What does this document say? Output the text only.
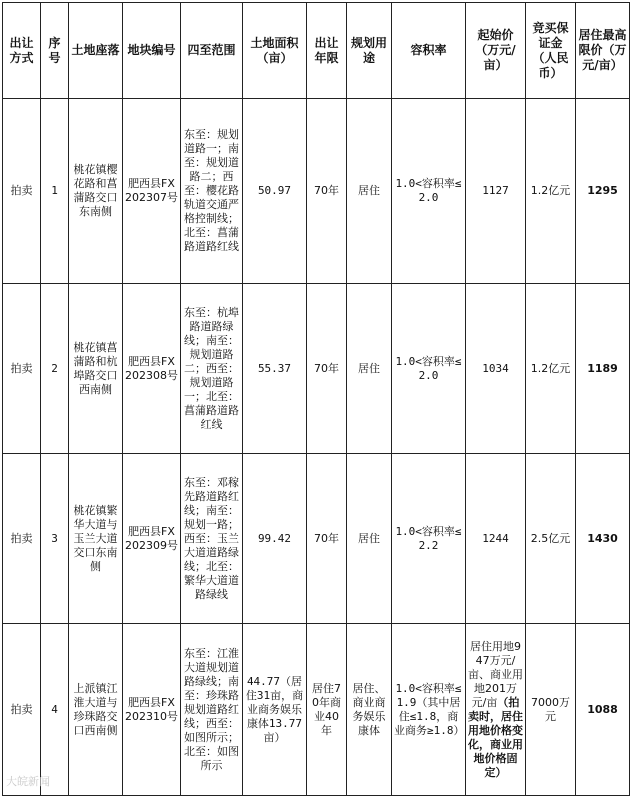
出让方式	序号	土地座落	地块编号	四至范围	土地面积（亩）	出让年限	规划用途	容积率	起始价（万元/亩）	竞买保证金（人民币）	居住最高限价（万元/亩）
拍卖	1	桃花镇樱花路和菖蒲路交口东南侧	肥西县FX202307号	东至：规划道路一；南至：规划道路二；西至：樱花路轨道交通严格控制线；北至：菖蒲路道路红线	50.97	70年	居住	1.0<容积率≤2.0	1127	1.2亿元	1295
拍卖	2	桃花镇菖蒲路和杭埠路交口西南侧	肥西县FX202308号	东至：杭埠路道路绿线；南至：规划道路二；西至：规划道路一；北至：菖蒲路道路红线	55.37	70年	居住	1.0<容积率≤2.0	1034	1.2亿元	1189
拍卖	3	桃花镇繁华大道与玉兰大道交口东南侧	肥西县FX202309号	东至：邓稼先路道路红线；南至：规划一路；西至：玉兰大道道路绿线；北至：繁华大道道路绿线	99.42	70年	居住	1.0<容积率≤2.2	1244	2.5亿元	1430
拍卖	4	上派镇江淮大道与珍珠路交口西南侧	肥西县FX202310号	东至：江淮大道规划道路绿线；南至：珍珠路规划道路红线；西至：如图所示；北至：如图所示	44.77（居住31亩，商业商务娱乐康体13.77亩）	居住70年商业40年	居住、商业商务娱乐康体	1.0<容积率≤1.9（其中居住≤1.8，商业商务≥1.8）	居住用地947万元/亩、商业用地201万元/亩（拍卖时，居住用地价格变化，商业用地价格固定）	7000万元	1088
大皖新闻
